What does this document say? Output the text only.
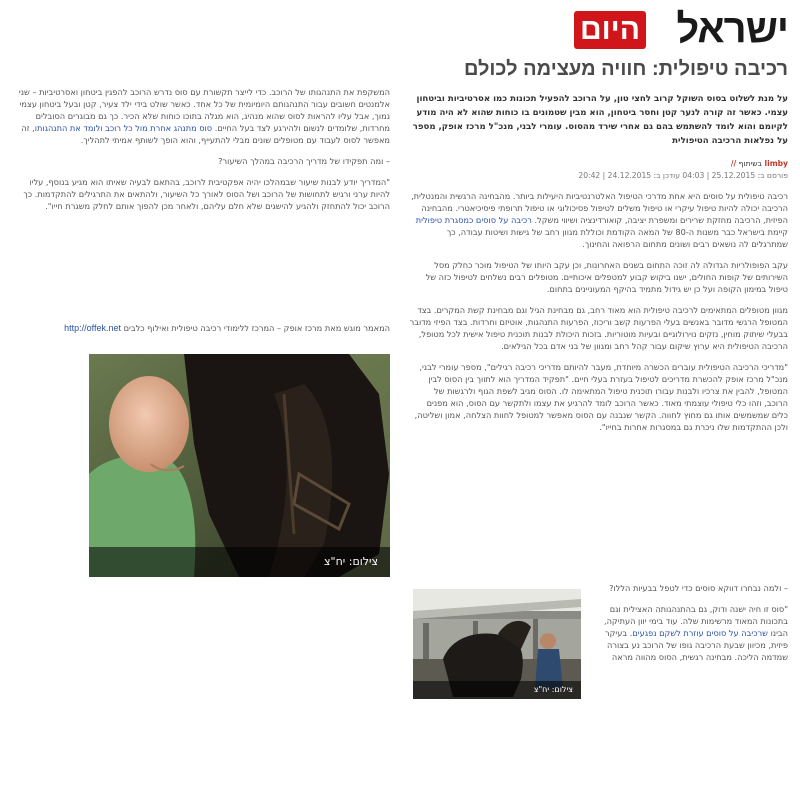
ישראל
היום
רכיבה טיפולית: חוויה מעצימה לכולם
על מנת לשלוט בסוס השוקל קרוב לחצי טון, על הרוכב להפעיל תכונות כמו אסרטיביות וביטחון עצמי. כאשר זה קורה לנער קטן וחסר ביטחון, הוא מבין שטמונים בו כוחות שהוא לא היה מודע לקיומם והוא לומד להשתמש בהם גם אחרי שירד מהסוס. עומרי לבני, מנכ"ל מרכז אופק, מספר על נפלאות הרכיבה הטיפולית
limby בשיתוף //
פורסם ב: 25.12.2015 | 04:03 עודכן ב: 24.12.2015 | 20:42

רכיבה טיפולית על סוסים היא אחת מדרכי הטיפול האלטרנטיביות היעילות ביותר. מהבחינה הרגשית והמנטלית, הרכיבה יכולה להיות טיפול עיקרי או טיפול משלים לטיפול פסיכולוגי או טיפול תרופתי פיסיכיאטרי. מהבחינה הפיזית, הרכיבה מחזקת שרירים ומשפרת יציבה, קואורדינציה ושיווי משקל. רכיבה על סוסים כמסגרת טיפולית קיימת בישראל כבר משנות ה-80 של המאה הקודמת וכוללת מגוון רחב של גישות ושיטות עבודה, כך שמתרגלים לה נושאים רבים ושונים מתחום הרפואה והחינוך.

עקב הפופולריות הגדולה לה זוכה התחום בשנים האחרונות, וכן עקב היותו של הטיפול מוכר כחלק מסל השירותים של קופות החולים, ישנו ביקוש קבוע למטפלים איכותיים. מטופלים רבים נשלחים לטיפול כזה של טיפול במימון הקופה ועל כן יש גידול מתמיד בהיקף המעוניינים בתחום.

מגוון מטופלים המתאימים לרכיבה טיפולית הוא מאוד רחב, גם מבחינת הגיל וגם מבחינת קשת המקרים. בצד המטופל הרגשי מדובר באנשים בעלי הפרעות קשב וריכוז, הפרעות התנהגות, אוטיזם וחרדות. בצד הפיזי מדובר בבעלי שיתוק מוחין, נזקים נוירולוגיים ובעיות מוטוריות. בזכות היכולת לבנות תוכנית טיפול אישית לכל מטופל, הרכיבה הטיפולית היא ערוץ שיקום עבור קהל רחב ומגוון של בני אדם בכל הגילאים.

"מדריכי הרכיבה הטיפולית עוברים הכשרה מיוחדת, מעבר להיותם מדריכי רכיבה רגילים", מספר עומרי לבני, מנכ"ל מרכז אופק להכשרת מדריכים לטיפול בעזרת בעלי חיים. "תפקיד המדריך הוא לתווך בין הסוס לבין המטופל, להבין את צרכיו ולבנות עבורו תוכנית טיפול המתאימה לו. הסוס מגיב לשפת הגוף ולרגשות של הרוכב, וזהו כלי טיפולי עוצמתי מאוד. כאשר הרוכב לומד להרגיע את עצמו ולתקשר עם הסוס, הוא מפנים כלים שמשמשים אותו גם מחוץ לחווה. הקשר שנבנה עם הסוס מאפשר למטופל לחוות הצלחה, אמון ושליטה, ולכן ההתקדמות שלו ניכרת גם במסגרות אחרות בחייו".

המשקפת את התנהגותו של הרוכב. כדי לייצר תקשורת עם סוס נדרש הרוכב להפגין ביטחון ואסרטיביות – שני אלמנטים חשובים עבור התנהגותם היומיומית של כל אחד. כאשר שולט בידי ילד צעיר, קטן ובעל ביטחון עצמי נמוך, אבל עליו להראות לסוס שהוא מנהיג, הוא מגלה בתוכו כוחות שלא הכיר. כך גם מבוגרים הסובלים מחרדות, שלומדים לנשום ולהירגע לצד בעל החיים. סוס מתנהג אחרת מול כל רוכב ולומד את התנהגותו, זה מאפשר לסוס לעבוד עם מטופלים שונים מבלי להתעייף, והוא הופך לשותף אמיתי לתהליך.

– ומה תפקידו של מדריך הרכיבה במהלך השיעור?

"המדריך יודע לבנות שיעור שבמהלכו יהיה אפקטיבית לרוכב, בהתאם לבעיה שאיתו הוא מגיע בנוסף, עליו להיות ערני ורגיש לתחושות של הרוכב ושל הסוס לאורך כל השיעור, ולהתאים את התרגילים להתקדמות. כך הרוכב יכול להתחזק ולהגיע להישגים שלא חלם עליהם, ולאחר מכן להפוך אותם לחלק משגרת חייו".

המאמר מוגש מאת מרכז אופק – המרכז ללימודי רכיבה טיפולית ואילוף כלבים http://offek.net
צילום: יח"צ
צילום: יח"צ

– ולמה נבחרו דווקא סוסים כדי לטפל בבעיות הללו?

"סוס זו חיה ישנה ודוק, גם בהתנהגותה האצילית וגם בתכונות המאוד מרשימות שלה. עוד בימי יוון העתיקה, הבינו שרכיבה על סוסים עוזרת לשקם נפגעים. בעיקר פיזית, מכיוון שבעת הרכיבה גופו של הרוכב נע בצורה שמדמה הליכה. מבחינה רגשית, הסוס מהווה מראה
